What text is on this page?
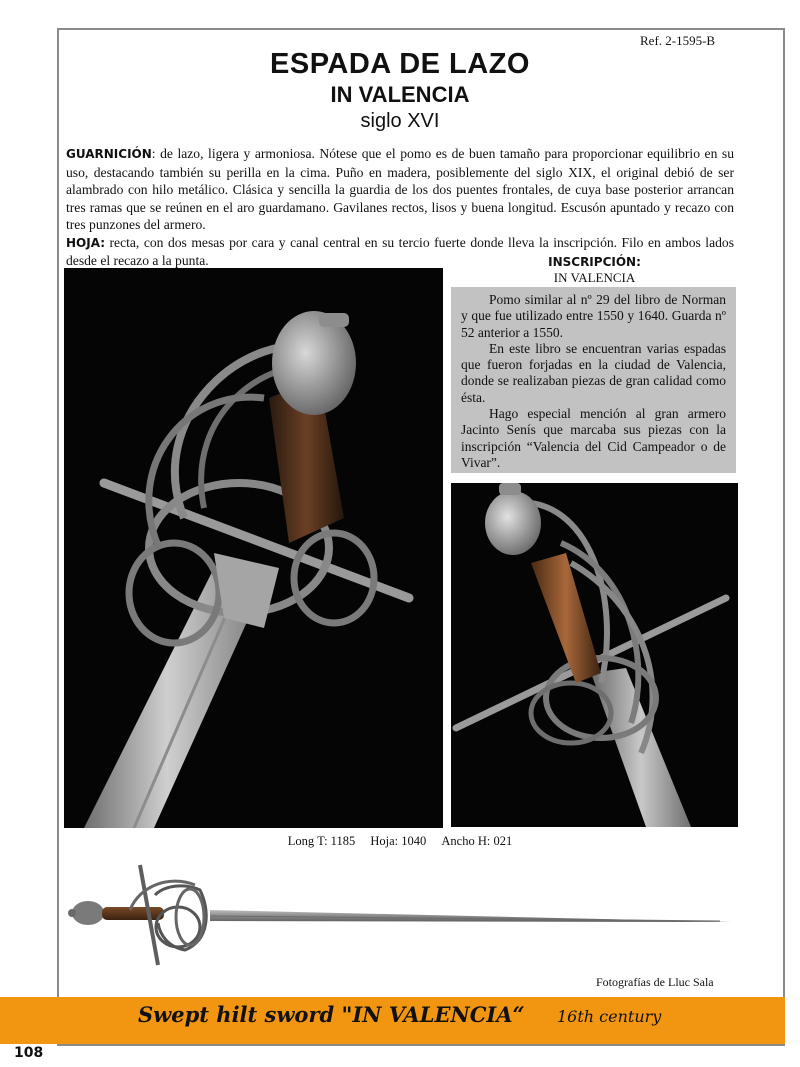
Ref. 2-1595-B
ESPADA DE LAZO
IN VALENCIA
siglo XVI

GUARNICIÓN: de lazo, ligera y armoniosa. Nótese que el pomo es de buen tamaño para proporcionar equilibrio en su uso, destacando también su perilla en la cima. Puño en madera, posiblemente del siglo XIX, el original debió de ser alambrado con hilo metálico. Clásica y sencilla la guardia de los dos puentes frontales, de cuya base posterior arrancan tres ramas que se reúnen en el aro guardamano. Gavilanes rectos, lisos y buena longitud. Escusón apuntado y recazo con tres punzones del armero.

HOJA: recta, con dos mesas por cara y canal central en su tercio fuerte donde lleva la inscripción. Filo en ambos lados desde el recazo a la punta.	INSCRIPCIÓN:
IN VALENCIA

Pomo similar al nº 29 del libro de Norman y que fue utilizado entre 1550 y 1640. Guarda nº 52 anterior a 1550.

En este libro se encuentran varias espadas que fueron forjadas en la ciudad de Valencia, donde se realizaban piezas de gran calidad como ésta.

Hago especial mención al gran armero Jacinto Senís que marcaba sus piezas con la inscripción “Valencia del Cid Campeador o de Vivar”.

Long T: 1185 Hoja: 1040 Ancho H: 021
Fotografías de Lluc Sala
Swept hilt sword "IN VALENCIA“ 16th century
108
